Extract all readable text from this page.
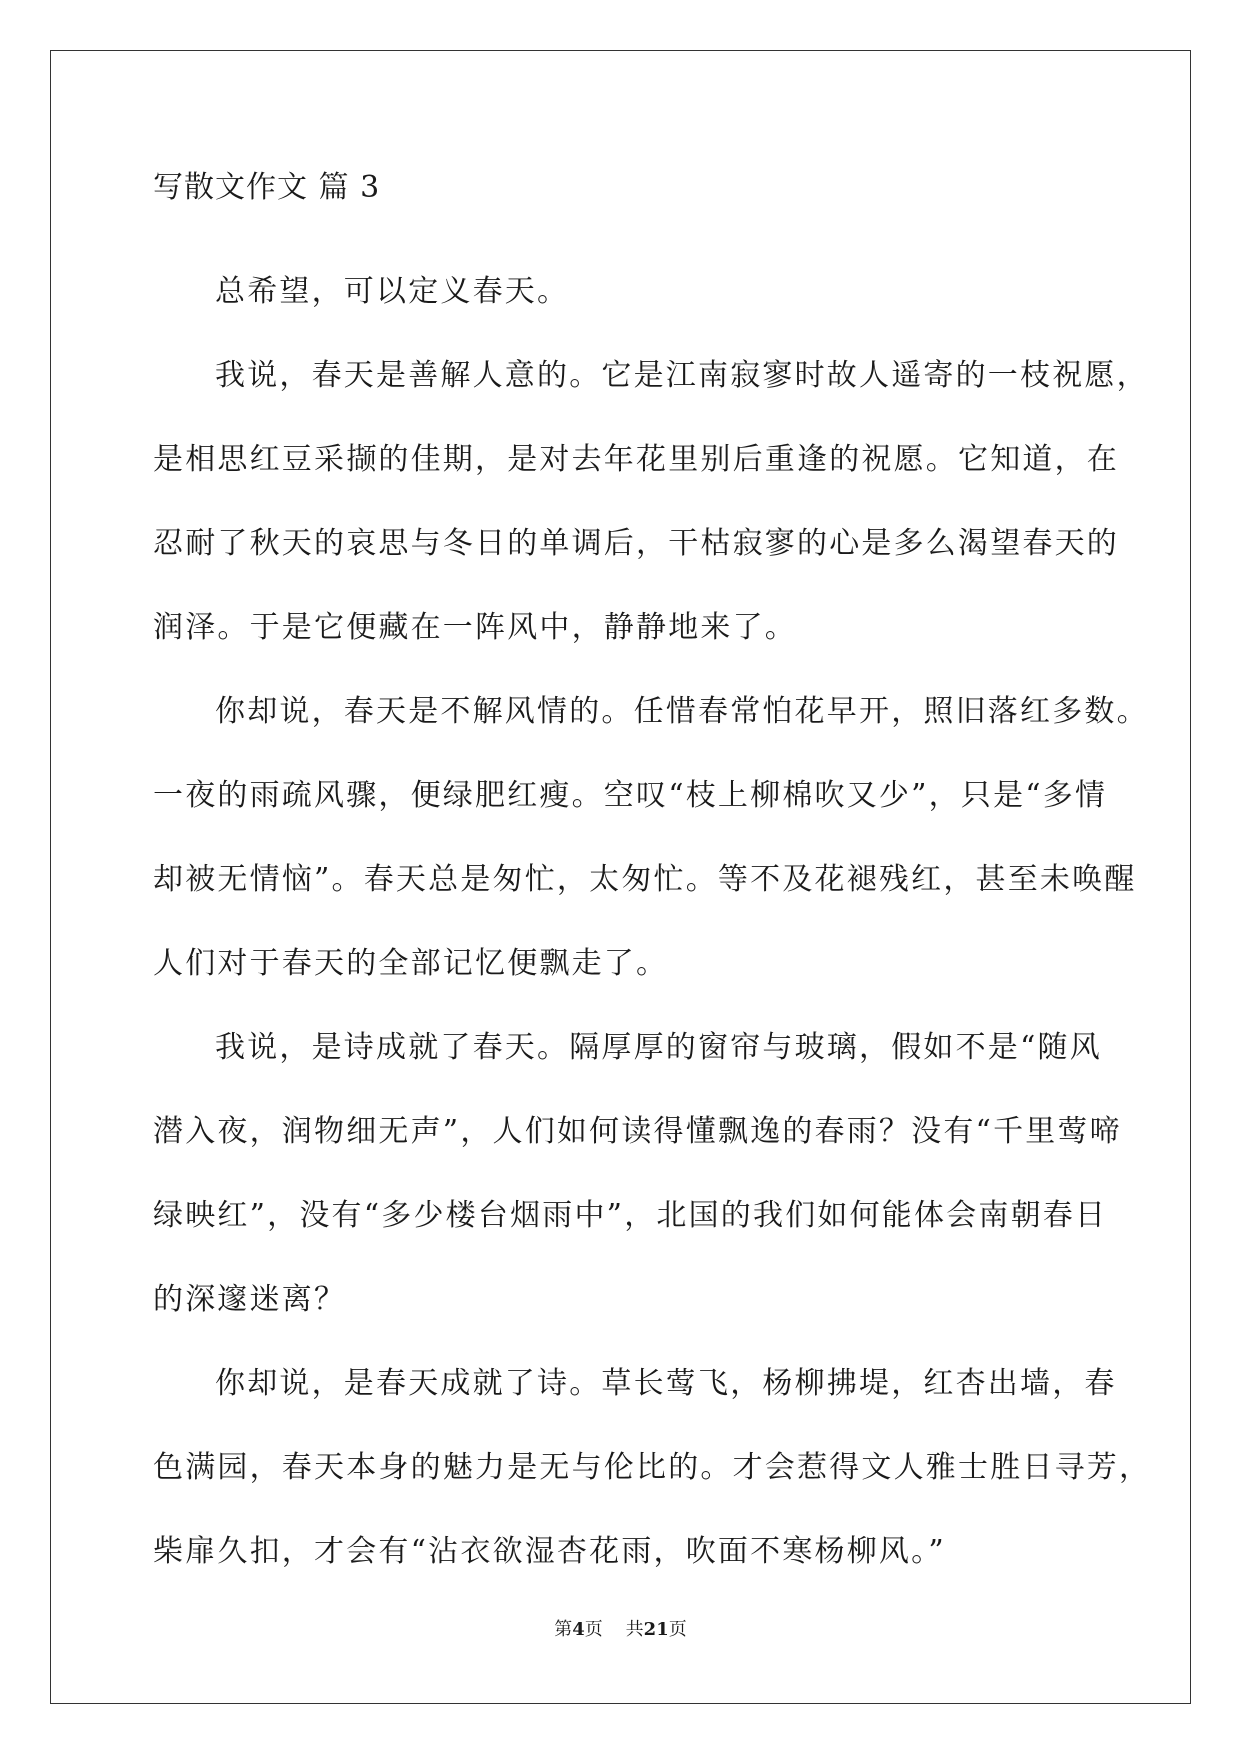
写散文作文 篇 3
总希望，可以定义春天。
我说，春天是善解人意的。它是江南寂寥时故人遥寄的一枝祝愿，
是相思红豆采撷的佳期，是对去年花里别后重逢的祝愿。它知道，在
忍耐了秋天的哀思与冬日的单调后，干枯寂寥的心是多么渴望春天的
润泽。于是它便藏在一阵风中，静静地来了。
你却说，春天是不解风情的。任惜春常怕花早开，照旧落红多数。
一夜的雨疏风骤，便绿肥红瘦。空叹“枝上柳棉吹又少”，只是“多情
却被无情恼”。春天总是匆忙，太匆忙。等不及花褪残红，甚至未唤醒
人们对于春天的全部记忆便飘走了。
我说，是诗成就了春天。隔厚厚的窗帘与玻璃，假如不是“随风
潜入夜，润物细无声”，人们如何读得懂飘逸的春雨？没有“千里莺啼
绿映红”，没有“多少楼台烟雨中”，北国的我们如何能体会南朝春日
的深邃迷离？
你却说，是春天成就了诗。草长莺飞，杨柳拂堤，红杏出墙，春
色满园，春天本身的魅力是无与伦比的。才会惹得文人雅士胜日寻芳，
柴扉久扣，才会有“沾衣欲湿杏花雨，吹面不寒杨柳风。”
第4页 共21页
